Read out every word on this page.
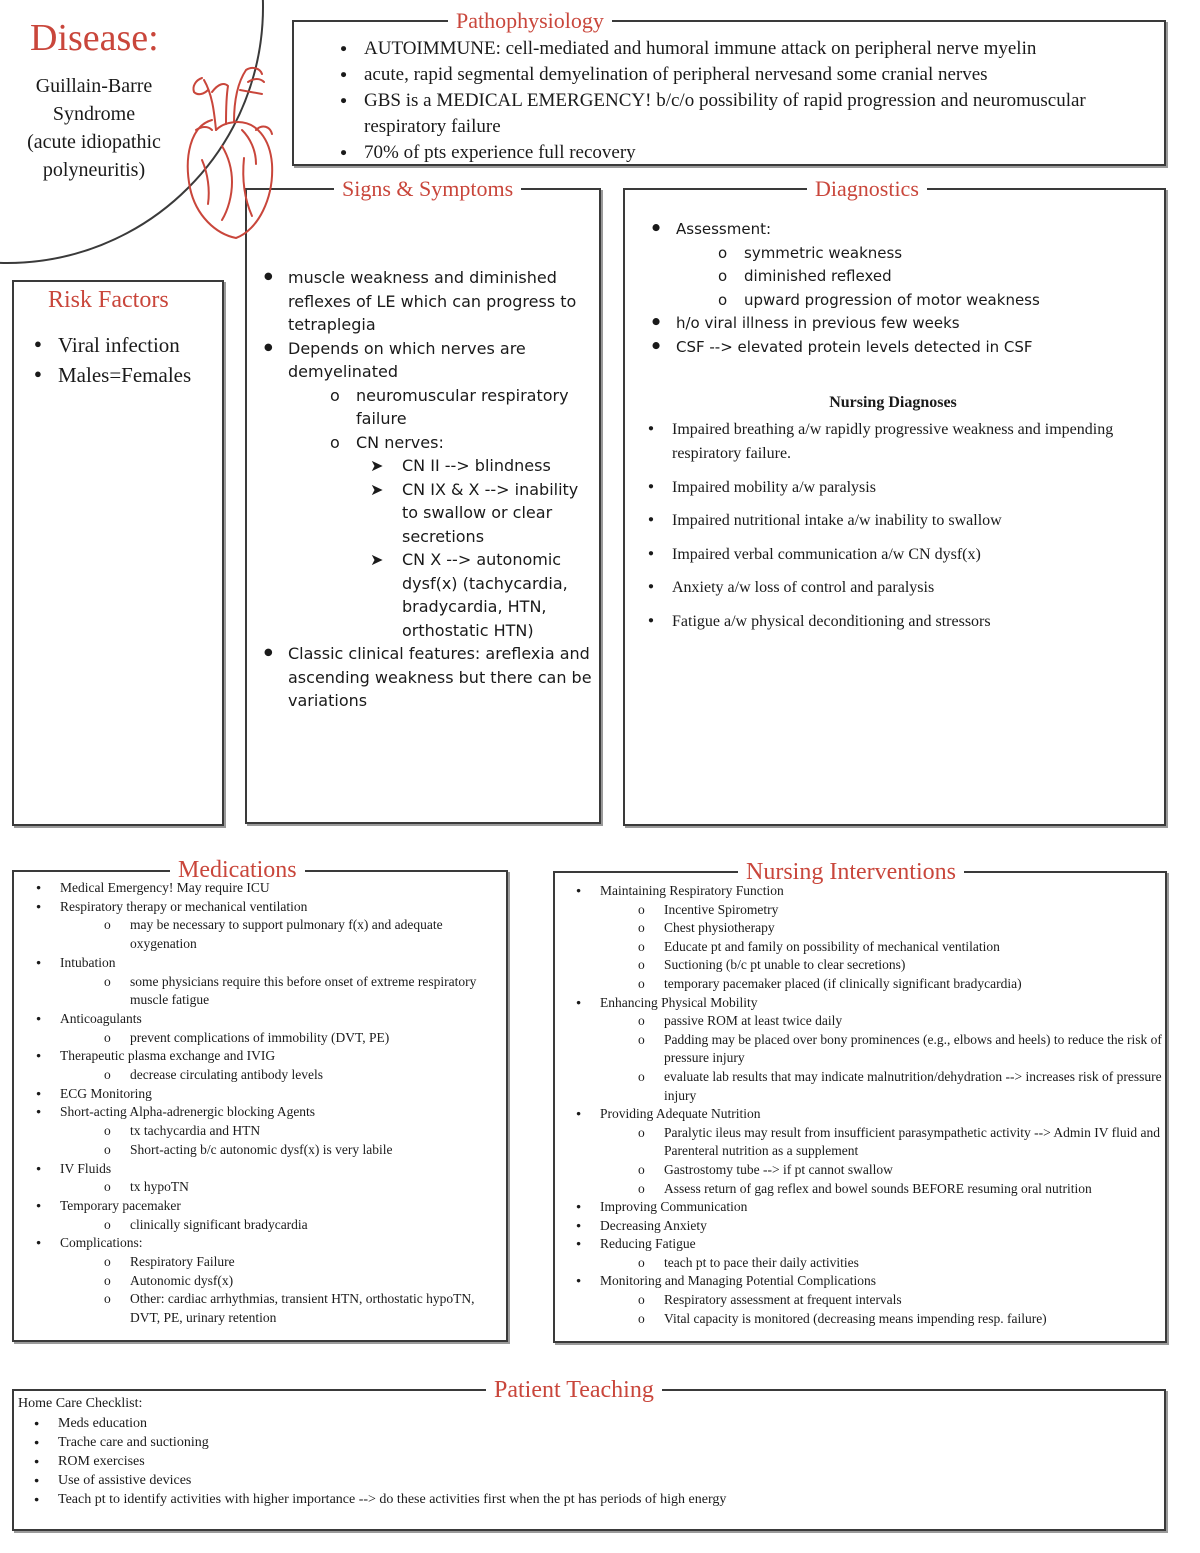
Disease:
Guillain-Barre
Syndrome
(acute idiopathic
polyneuritis)
Pathophysiology
● AUTOIMMUNE: cell-mediated and humoral immune attack on peripheral nerve myelin
● acute, rapid segmental demyelination of peripheral nervesand some cranial nerves
● GBS is a MEDICAL EMERGENCY! b/c/o possibility of rapid progression and neuromuscular respiratory failure
● 70% of pts experience full recovery
Risk Factors
● Viral infection
● Males=Females
Signs & Symptoms
● muscle weakness and diminished reflexes of LE which can progress to tetraplegia
● Depends on which nerves are demyelinated
o neuromuscular respiratory failure
o CN nerves:
➤ CN II --> blindness
➤ CN IX & X --> inability to swallow or clear secretions
➤ CN X --> autonomic dysf(x) (tachycardia, bradycardia, HTN, orthostatic HTN)
● Classic clinical features: areflexia and ascending weakness but there can be variations
Diagnostics
● Assessment:
o symmetric weakness
o diminished reflexed
o upward progression of motor weakness
● h/o viral illness in previous few weeks
● CSF --> elevated protein levels detected in CSF
Nursing Diagnoses
● Impaired breathing a/w rapidly progressive weakness and impending respiratory failure.
● Impaired mobility a/w paralysis
● Impaired nutritional intake a/w inability to swallow
● Impaired verbal communication a/w CN dysf(x)
● Anxiety a/w loss of control and paralysis
● Fatigue a/w physical deconditioning and stressors
Medications
● Medical Emergency! May require ICU
● Respiratory therapy or mechanical ventilation
o may be necessary to support pulmonary f(x) and adequate oxygenation
● Intubation
o some physicians require this before onset of extreme respiratory muscle fatigue
● Anticoagulants
o prevent complications of immobility (DVT, PE)
● Therapeutic plasma exchange and IVIG
o decrease circulating antibody levels
● ECG Monitoring
● Short-acting Alpha-adrenergic blocking Agents
o tx tachycardia and HTN
o Short-acting b/c autonomic dysf(x) is very labile
● IV Fluids
o tx hypoTN
● Temporary pacemaker
o clinically significant bradycardia
● Complications:
o Respiratory Failure
o Autonomic dysf(x)
o Other: cardiac arrhythmias, transient HTN, orthostatic hypoTN, DVT, PE, urinary retention
Nursing Interventions
● Maintaining Respiratory Function
o Incentive Spirometry
o Chest physiotherapy
o Educate pt and family on possibility of mechanical ventilation
o Suctioning (b/c pt unable to clear secretions)
o temporary pacemaker placed (if clinically significant bradycardia)
● Enhancing Physical Mobility
o passive ROM at least twice daily
o Padding may be placed over bony prominences (e.g., elbows and heels) to reduce the risk of pressure injury
o evaluate lab results that may indicate malnutrition/dehydration --> increases risk of pressure injury
● Providing Adequate Nutrition
o Paralytic ileus may result from insufficient parasympathetic activity --> Admin IV fluid and Parenteral nutrition as a supplement
o Gastrostomy tube --> if pt cannot swallow
o Assess return of gag reflex and bowel sounds BEFORE resuming oral nutrition
● Improving Communication
● Decreasing Anxiety
● Reducing Fatigue
o teach pt to pace their daily activities
● Monitoring and Managing Potential Complications
o Respiratory assessment at frequent intervals
o Vital capacity is monitored (decreasing means impending resp. failure)
Patient Teaching
Home Care Checklist:
● Meds education
● Trache care and suctioning
● ROM exercises
● Use of assistive devices
● Teach pt to identify activities with higher importance --> do these activities first when the pt has periods of high energy
